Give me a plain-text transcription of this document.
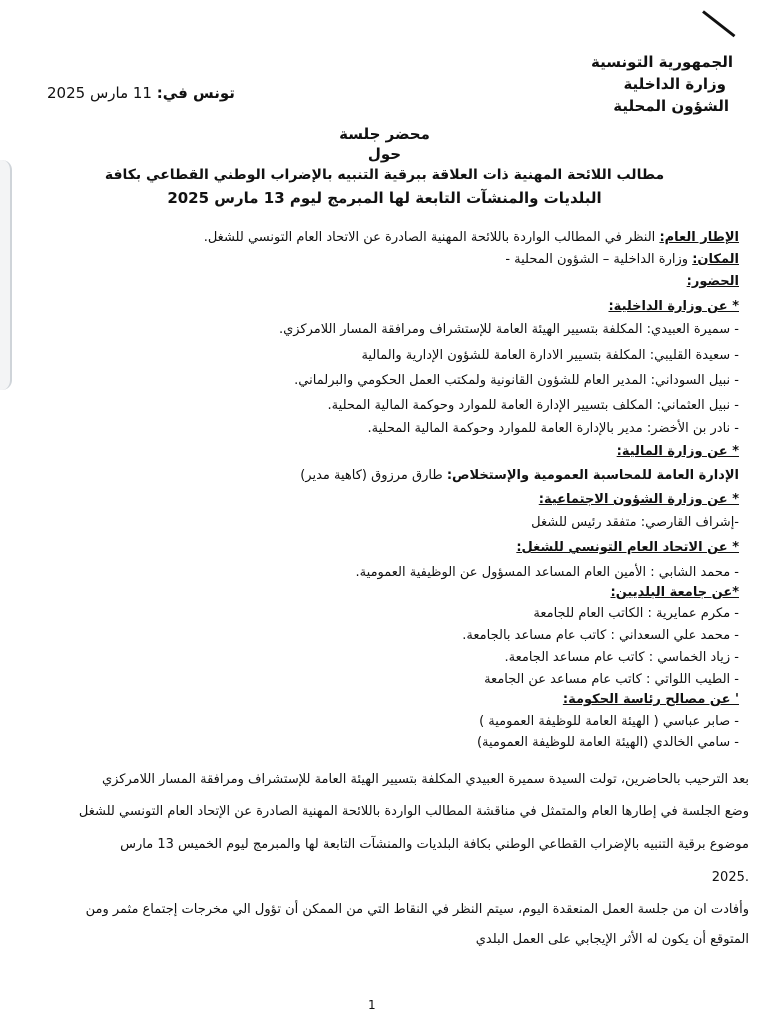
الجمهورية التونسية
وزارة الداخلية
الشؤون المحلية
تونس في: 11 مارس 2025
محضر جلسة
حول
مطالب اللائحة المهنية ذات العلاقة ببرقية التنبيه بالإضراب الوطني القطاعي بكافة
البلديات والمنشآت التابعة لها المبرمج ليوم 13 مارس 2025
الإطار العام: النظر في المطالب الواردة باللائحة المهنية الصادرة عن الاتحاد العام التونسي للشغل.
المكان: وزارة الداخلية – الشؤون المحلية -
الحضور:
* عن وزارة الداخلية:
- سميرة العبيدي: المكلفة بتسيير الهيئة العامة للإستشراف ومرافقة المسار اللامركزي.
- سعيدة القليبي: المكلفة بتسيير الادارة العامة للشؤون الإدارية والمالية
- نبيل السوداني: المدير العام للشؤون القانونية ولمكتب العمل الحكومي والبرلماني.
- نبيل العثماني: المكلف بتسيير الإدارة العامة للموارد وحوكمة المالية المحلية.
- نادر بن الأخضر: مدير بالإدارة العامة للموارد وحوكمة المالية المحلية.
* عن وزارة المالية:
الإدارة العامة للمحاسبة العمومية والإستخلاص: طارق مرزوق (كاهية مدير)
* عن وزارة الشؤون الاجتماعية:
-إشراف القارصي: متفقد رئيس للشغل
* عن الاتحاد العام التونسي للشغل:
- محمد الشابي : الأمين العام المساعد المسؤول عن الوظيفية العمومية.
*عن جامعة البلديين:
- مكرم عمايرية : الكاتب العام للجامعة
- محمد علي السعداني : كاتب عام مساعد بالجامعة.
- زياد الخماسي : كاتب عام مساعد الجامعة.
- الطيب اللواتي : كاتب عام مساعد عن الجامعة
' عن مصالح رئاسة الحكومة:
- صابر عباسي ( الهيئة العامة للوظيفة العمومية )
- سامي الخالدي (الهيئة العامة للوظيفة العمومية)
بعد الترحيب بالحاضرين، تولت السيدة سميرة العبيدي المكلفة بتسيير الهيئة العامة للإستشراف ومرافقة المسار اللامركزي
وضع الجلسة في إطارها العام والمتمثل في مناقشة المطالب الواردة باللائحة المهنية الصادرة عن الإتحاد العام التونسي للشغل
موضوع برقية التنبيه بالإضراب القطاعي الوطني بكافة البلديات والمنشآت التابعة لها والمبرمج ليوم الخميس 13 مارس
2025.
وأفادت ان من جلسة العمل المنعقدة اليوم، سيتم النظر في النقاط التي من الممكن أن تؤول الي مخرجات إجتماع مثمر ومن
المتوقع أن يكون له الأثر الإيجابي على العمل البلدي
1
